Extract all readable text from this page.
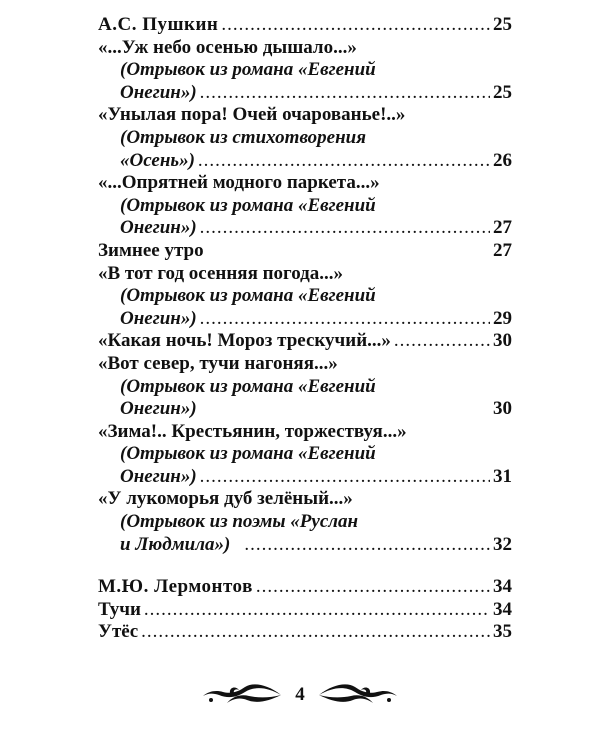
А.С. Пушкин .....	25
«...Уж небо осенью дышало...»
(Отрывок из романа «Евгений
Онегин») .....	25
«Унылая пора! Очей очарованье!..»
(Отрывок из стихотворения
«Осень») .....	26
«...Опрятней модного паркета...»
(Отрывок из романа «Евгений
Онегин») .....	27
Зимнее утро	27
«В тот год осенняя погода...»
(Отрывок из романа «Евгений
Онегин») .....	29
«Какая ночь! Мороз трескучий...» .....	30
«Вот север, тучи нагоняя...»
(Отрывок из романа «Евгений
Онегин»)	30
«Зима!.. Крестьянин, торжествуя...»
(Отрывок из романа «Евгений
Онегин») .....	31
«У лукоморья дуб зелёный...»
(Отрывок из поэмы «Руслан
и Людмила») .....	32
М.Ю. Лермонтов .....	34
Тучи .....	34
Утёс .....	35
4
